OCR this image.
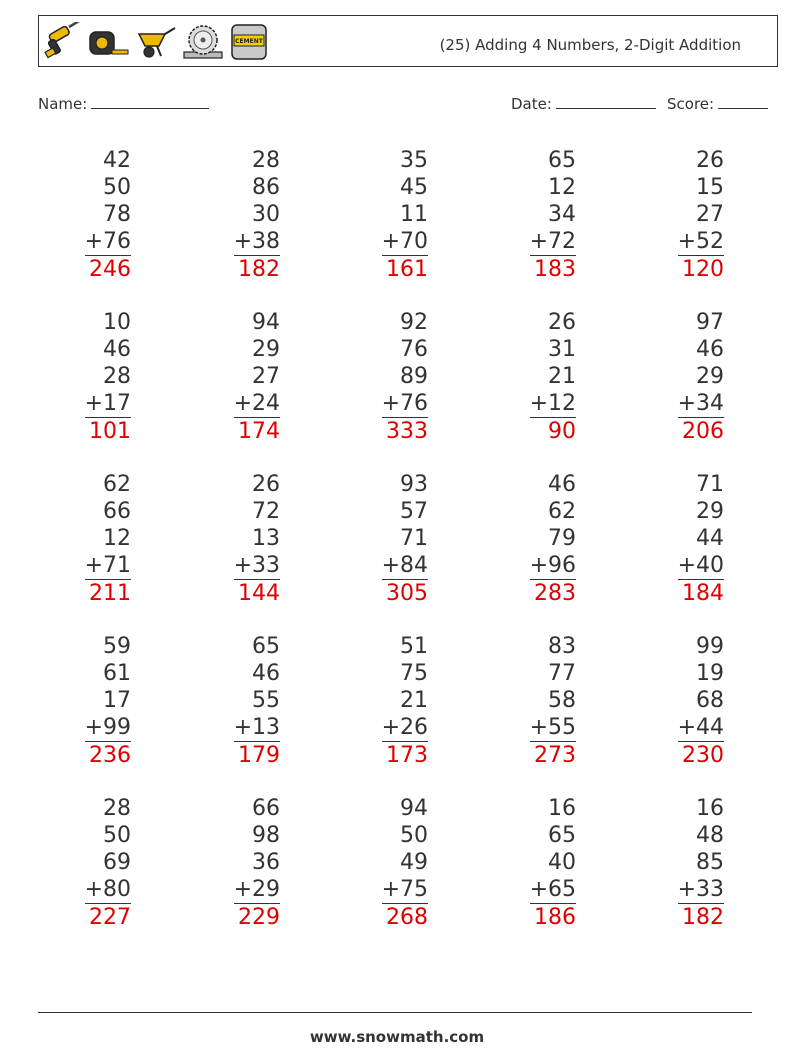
CEMENT	(25) Adding 4 Numbers, 2-Digit Addition
Name:	Date:	Score:
42
50
78
+76
246
28
86
30
+38
182
35
45
11
+70
161
65
12
34
+72
183
26
15
27
+52
120
10
46
28
+17
101
94
29
27
+24
174
92
76
89
+76
333
26
31
21
+12
90
97
46
29
+34
206
62
66
12
+71
211
26
72
13
+33
144
93
57
71
+84
305
46
62
79
+96
283
71
29
44
+40
184
59
61
17
+99
236
65
46
55
+13
179
51
75
21
+26
173
83
77
58
+55
273
99
19
68
+44
230
28
50
69
+80
227
66
98
36
+29
229
94
50
49
+75
268
16
65
40
+65
186
16
48
85
+33
182
www.snowmath.com
